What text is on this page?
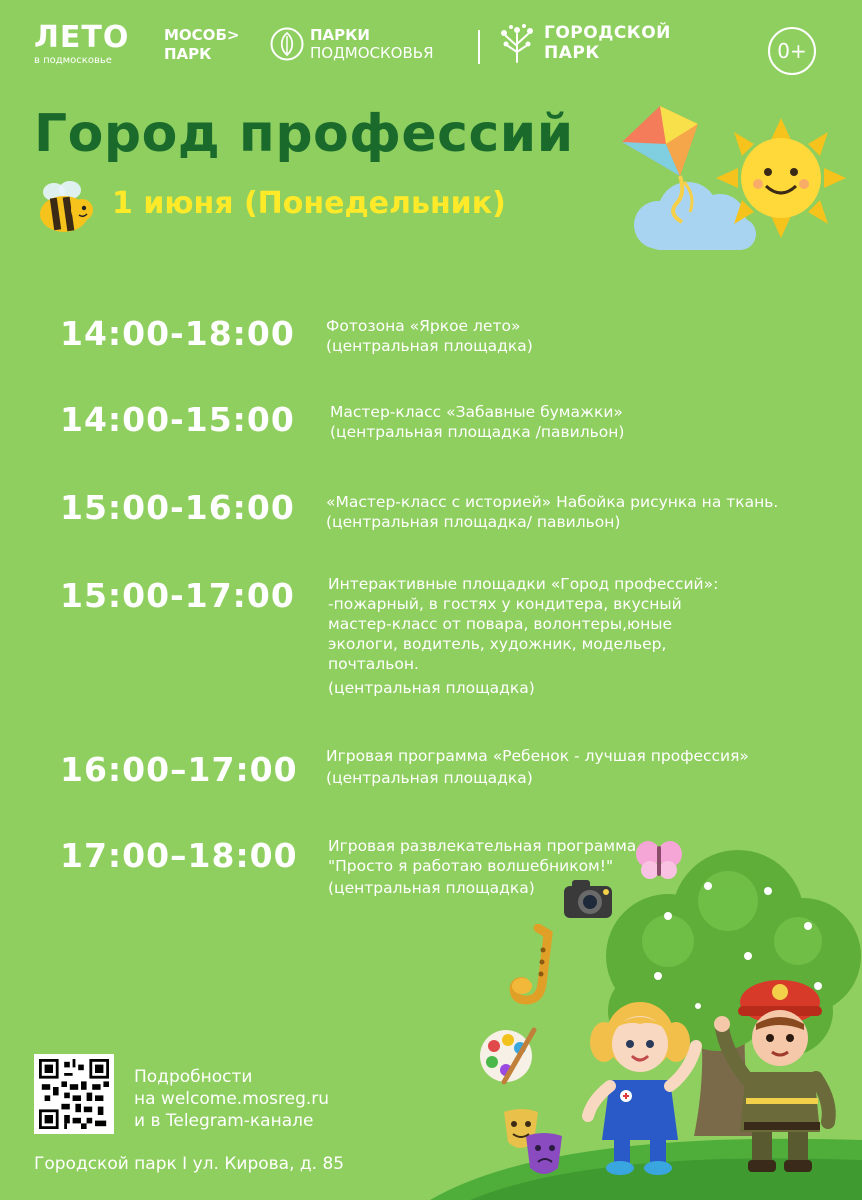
ЛЕТО
в подмосковье
МОСОБ>
ПАРК
ПАРКИ
ПОДМОСКОВЬЯ
ГОРОДСКОЙ
ПАРК	0+
Город профессий
1 июня (Понедельник)
14:00-18:00 Фотозона «Яркое лето»
(центральная площадка)
14:00-15:00 Мастер-класс «Забавные бумажки»
(центральная площадка /павильон)
15:00-16:00 «Мастер-класс с историей» Набойка рисунка на ткань.
(центральная площадка/ павильон)
15:00-17:00 Интерактивные площадки «Город профессий»:
-пожарный, в гостях у кондитера, вкусный
мастер-класс от повара, волонтеры,юные
экологи, водитель, художник, модельер,
почтальон.
(центральная площадка)
16:00–17:00 Игровая программа «Ребенок - лучшая профессия»
(центральная площадка)
17:00–18:00 Игровая развлекательная программа
"Просто я работаю волшебником!"
(центральная площадка)
Подробности
на welcome.mosreg.ru
и в Telegram-канале
Городской парк I ул. Кирова, д. 85
